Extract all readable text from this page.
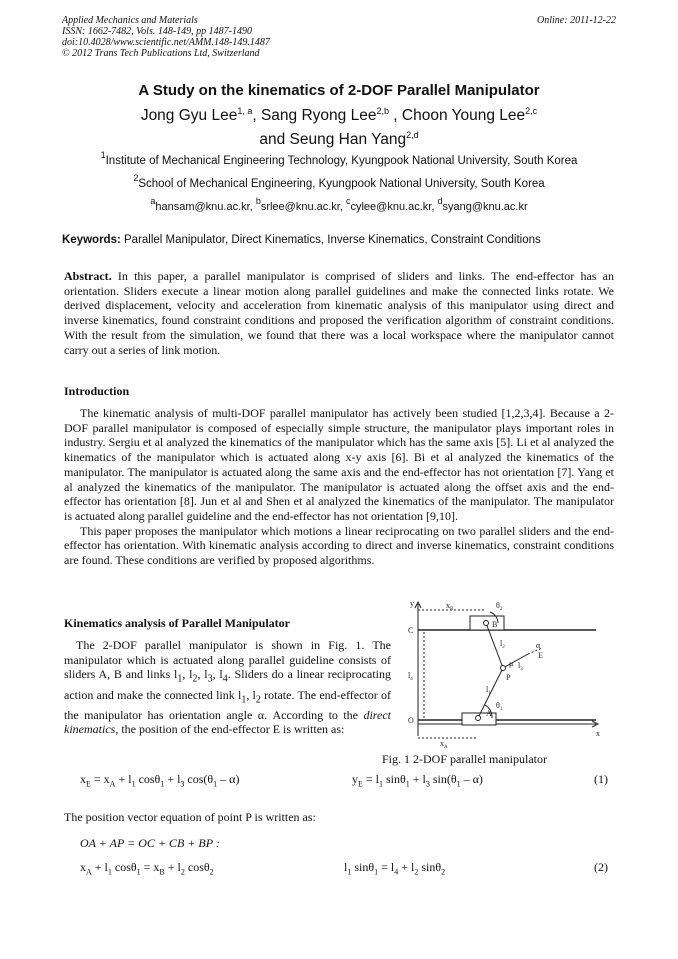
Applied Mechanics and Materials
ISSN: 1662-7482, Vols. 148-149, pp 1487-1490
doi:10.4028/www.scientific.net/AMM.148-149.1487
© 2012 Trans Tech Publications Ltd, Switzerland
Online: 2011-12-22
A Study on the kinematics of 2-DOF Parallel Manipulator
Jong Gyu Lee$^{1, a}$, Sang Ryong Lee$^{2,b}$ , Choon Young Lee$^{2,c}$
and Seung Han Yang$^{2,d}$
$^1$Institute of Mechanical Engineering Technology, Kyungpook National University, South Korea
$^2$School of Mechanical Engineering, Kyungpook National University, South Korea
$^a$hansam@knu.ac.kr, $^b$srlee@knu.ac.kr, $^c$cylee@knu.ac.kr, $^d$syang@knu.ac.kr
Keywords: Parallel Manipulator, Direct Kinematics, Inverse Kinematics, Constraint Conditions
Abstract. In this paper, a parallel manipulator is comprised of sliders and links. The end-effector has an orientation. Sliders execute a linear motion along parallel guidelines and make the connected links rotate. We derived displacement, velocity and acceleration from kinematic analysis of this manipulator using direct and inverse kinematics, found constraint conditions and proposed the verification algorithm of constraint conditions. With the result from the simulation, we found that there was a local workspace where the manipulator cannot carry out a series of link motion.
Introduction

The kinematic analysis of multi-DOF parallel manipulator has actively been studied [1,2,3,4]. Because a 2-DOF parallel manipulator is composed of especially simple structure, the manipulator plays important roles in industry. Sergiu et al analyzed the kinematics of the manipulator which has the same axis [5]. Li et al analyzed the kinematics of the manipulator which is actuated along x-y axis [6]. Bi et al analyzed the kinematics of the manipulator. The manipulator is actuated along the same axis and the end-effector has not orientation [7]. Yang et al analyzed the kinematics of the manipulator. The manipulator is actuated along the offset axis and the end-effector has orientation [8]. Jun et al and Shen et al analyzed the kinematics of the manipulator. The manipulator is actuated along parallel guideline and the end-effector has not orientation [9,10].

This paper proposes the manipulator which motions a linear reciprocating on two parallel sliders and the end-effector has orientation. With kinematic analysis according to direct and inverse kinematics, constraint conditions are found. These conditions are verified by proposed algorithms.

Kinematics analysis of Parallel Manipulator

The 2-DOF parallel manipulator is shown in Fig. 1. The manipulator which is actuated along parallel guideline consists of sliders A, B and links $l_1$, $l_2$, $l_3$, $l_4$. Sliders do a linear reciprocating action and make the connected link $l_1$, $l_2$ rotate. The end-effector of the manipulator has orientation angle α. According to the direct kinematics, the position of the end-effector E is written as:

y
x
C
O
B
A
P
E
$x_B$
$x_A$
$l_1$
$l_2$
$l_3$
$l_4$
$\theta_1$
$\theta_2$
μ
α
Fig. 1 2-DOF parallel manipulator
$x_E = x_A + l_1$ $\cos\theta_1 + l_3$ $\cos(\theta_1 - \alpha)$	$y_E = l_1$ $\sin\theta_1 + l_3$ $\sin(\theta_1 - \alpha)$	(1)
The position vector equation of point P is written as:
OA + AP = OC + CB + BP :
$x_A + l_1$ $\cos\theta_1 = x_B + l_2$ cosθ$_2$	$l_1$ $\sin\theta_1 = l_4 + l_2$ sinθ$_2$	(2)
